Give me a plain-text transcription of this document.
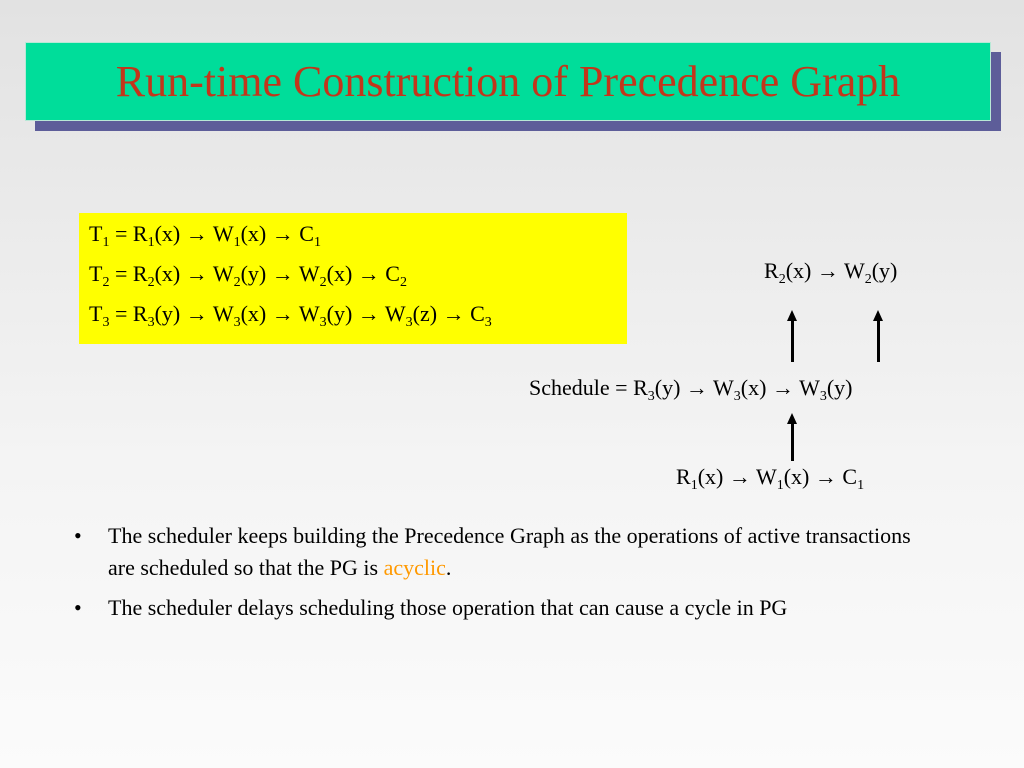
Run-time Construction of Precedence Graph
$T_1 = R_1(x) \to W_1(x) \to C_1$
$T_2 = R_2(x) \to W_2(y) \to W_2(x) \to C_2$
$T_3 = R_3(y) \to W_3(x) \to W_3(y) \to W_3(z) \to C_3$
$R_2(x) \to W_2(y)$
Schedule = $R_3(y) \to W_3(x) \to W_3(y)$
$R_1(x) \to W_1(x) \to C_1$
•	The scheduler keeps building the Precedence Graph as the operations of active transactions are scheduled so that the PG is acyclic.
•	The scheduler delays scheduling those operation that can cause a cycle in PG
